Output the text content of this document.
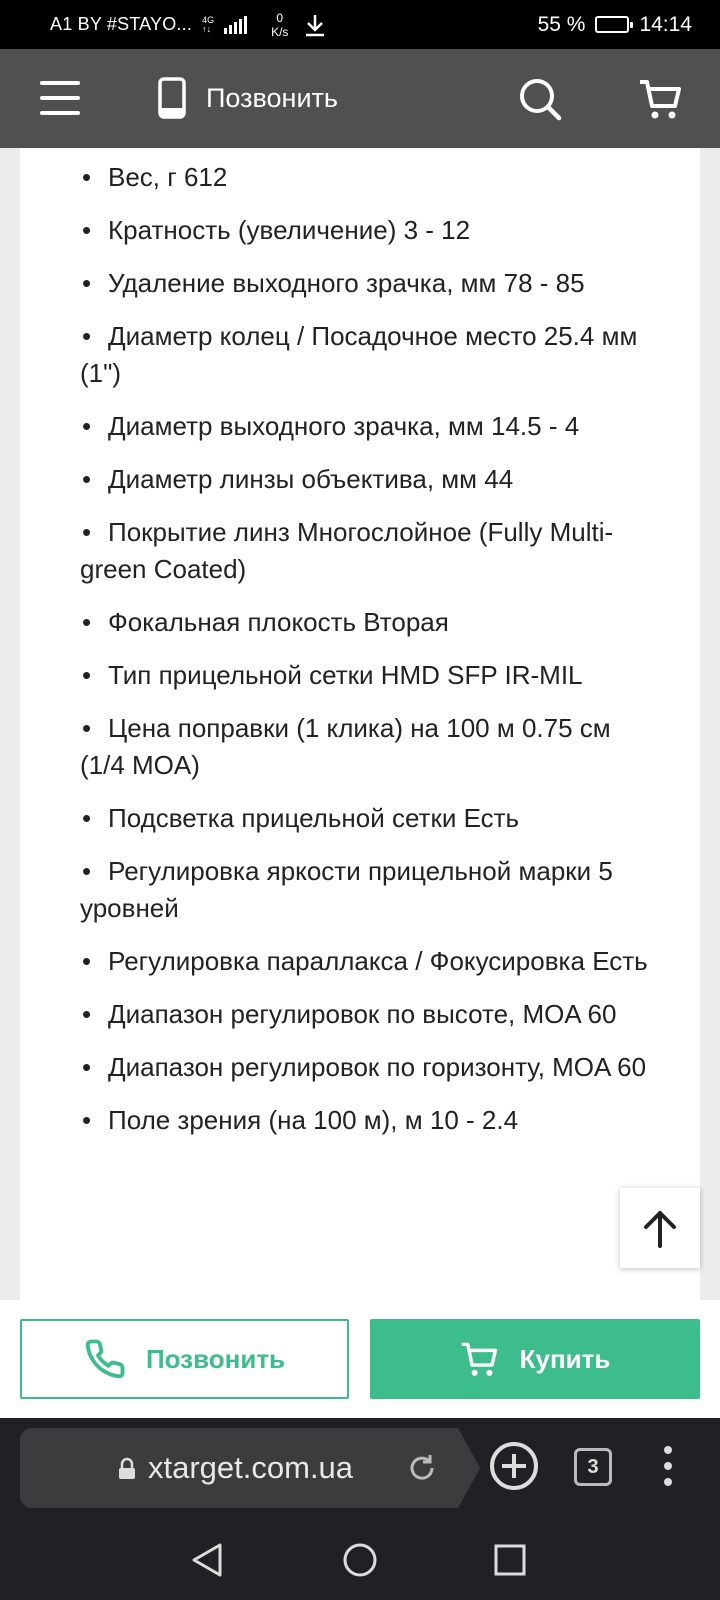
A1 BY #STAYO... 4G
↑↓
0
K/s	55 %	14:14
Позвонить
• Вес, г 612
• Кратность (увеличение) 3 - 12
• Удаление выходного зрачка, мм 78 - 85
• Диаметр колец / Посадочное место 25.4 мм (1")
• Диаметр выходного зрачка, мм 14.5 - 4
• Диаметр линзы объектива, мм 44
• Покрытие линз Многослойное (Fully Multi-green Coated)
• Фокальная плокость Вторая
• Тип прицельной сетки HMD SFP IR-MIL
• Цена поправки (1 клика) на 100 м 0.75 см (1/4 MOA)
• Подсветка прицельной сетки Есть
• Регулировка яркости прицельной марки 5 уровней
• Регулировка параллакса / Фокусировка Есть
• Диапазон регулировок по высоте, MOA 60
• Диапазон регулировок по горизонту, MOA 60
• Поле зрения (на 100 м), м 10 - 2.4
Позвонить	Купить
xtarget.com.ua	3
